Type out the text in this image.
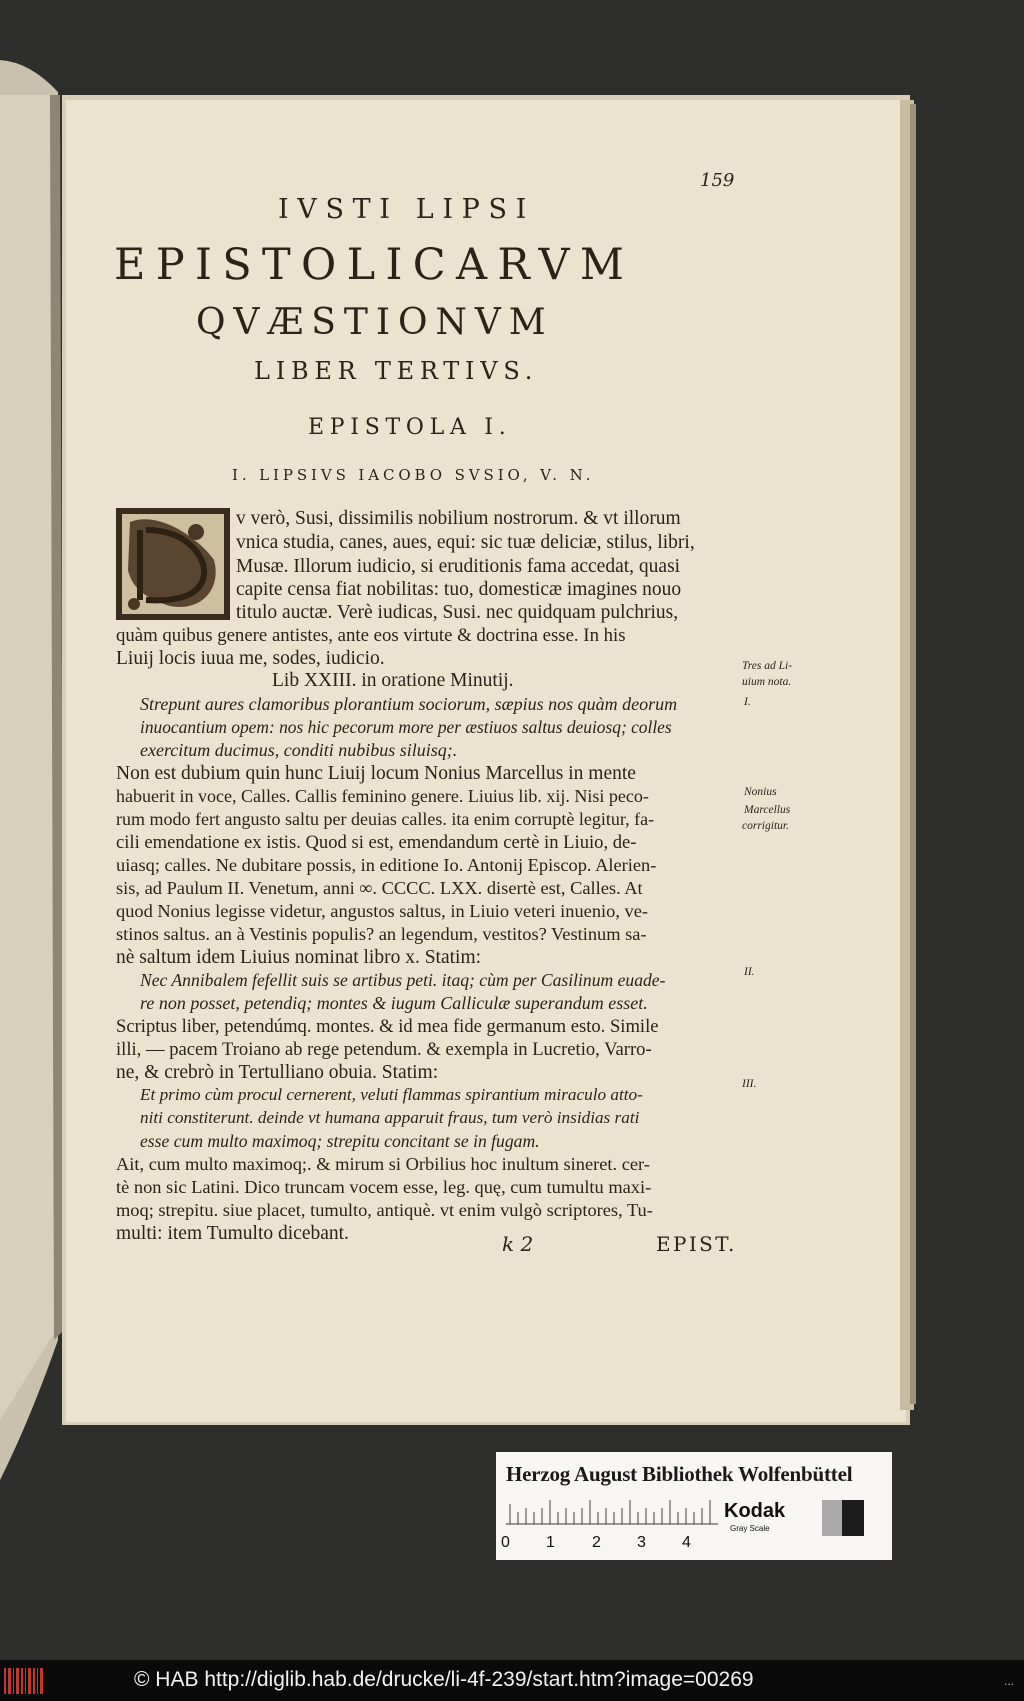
159
IVSTI LIPSI
EPISTOLICARVM
QVÆSTIONVM
LIBER TERTIVS.
EPISTOLA I.
I. LIPSIVS IACOBO SVSIO, V. N.
v verò, Susi, dissimilis nobilium nostrorum. & vt illorum
vnica studia, canes, aues, equi: sic tuæ deliciæ, stilus, libri,
Musæ. Illorum iudicio, si eruditionis fama accedat, quasi
capite censa fiat nobilitas: tuo, domesticæ imagines nouo
titulo auctæ. Verè iudicas, Susi. nec quidquam pulchrius,
quàm quibus genere antistes, ante eos virtute & doctrina esse. In his
Liuij locis iuua me, sodes, iudicio.
Lib XXIII. in oratione Minutij.
Strepunt aures clamoribus plorantium sociorum, sæpius nos quàm deorum
inuocantium opem: nos hic pecorum more per æstiuos saltus deuiosq; colles
exercitum ducimus, conditi nubibus siluisq;.
Non est dubium quin hunc Liuij locum Nonius Marcellus in mente
habuerit in voce, Calles. Callis feminino genere. Liuius lib. xij. Nisi peco-
rum modo fert angusto saltu per deuias calles. ita enim corruptè legitur, fa-
cili emendatione ex istis. Quod si est, emendandum certè in Liuio, de-
uiasq; calles. Ne dubitare possis, in editione Io. Antonij Episcop. Alerien-
sis, ad Paulum II. Venetum, anni ∞. CCCC. LXX. disertè est, Calles. At
quod Nonius legisse videtur, angustos saltus, in Liuio veteri inuenio, ve-
stinos saltus. an à Vestinis populis? an legendum, vestitos? Vestinum sa-
nè saltum idem Liuius nominat libro x. Statim:
Nec Annibalem fefellit suis se artibus peti. itaq; cùm per Casilinum euade-
re non posset, petendiq; montes & iugum Calliculæ superandum esset.
Scriptus liber, petendúmq. montes. & id mea fide germanum esto. Simile
illi, — pacem Troiano ab rege petendum. & exempla in Lucretio, Varro-
ne, & crebrò in Tertulliano obuia. Statim:
Et primo cùm procul cernerent, veluti flammas spirantium miraculo atto-
niti constiterunt. deinde vt humana apparuit fraus, tum verò insidias rati
esse cum multo maximoq; strepitu concitant se in fugam.
Ait, cum multo maximoq;. & mirum si Orbilius hoc inultum sineret. cer-
tè non sic Latini. Dico truncam vocem esse, leg. quę, cum tumultu maxi-
moq; strepitu. siue placet, tumulto, antiquè. vt enim vulgò scriptores, Tu-
multi: item Tumulto dicebant.
Tres ad Li-
uium nota.
I.
Nonius
Marcellus
corrigitur.
II.
III.
k 2	EPIST.
Herzog August Bibliothek Wolfenbüttel
0 1 2 3 4
Kodak
Gray Scale
© HAB http://diglib.hab.de/drucke/li-4f-239/start.htm?image=00269	...
